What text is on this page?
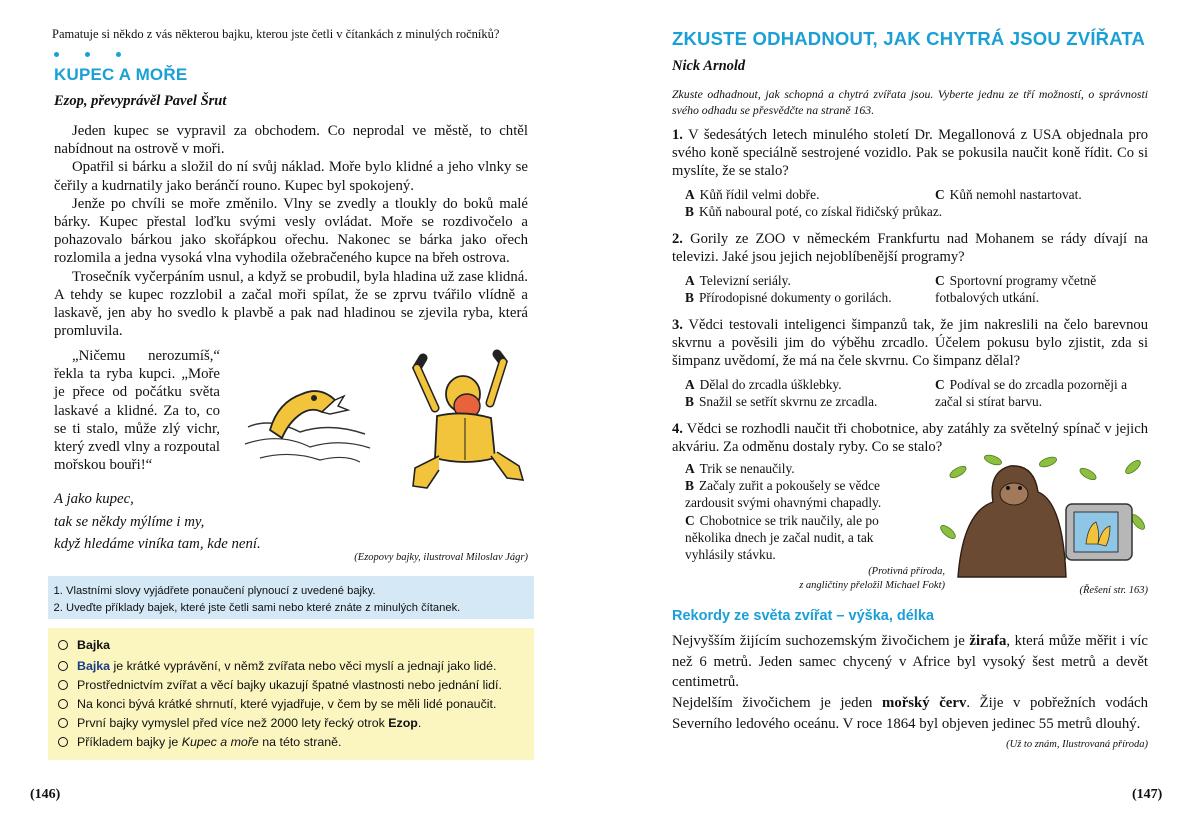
Pamatuje si někdo z vás některou bajku, kterou jste četli v čítankách z minulých ročníků?
KUPEC A MOŘE
Ezop, převyprávěl Pavel Šrut

Jeden kupec se vypravil za obchodem. Co neprodal ve městě, to chtěl nabídnout na ostrově v moři.

Opatřil si bárku a složil do ní svůj náklad. Moře bylo klidné a jeho vlnky se čeřily a kudrnatily jako beránčí rouno. Kupec byl spokojený.

Jenže po chvíli se moře změnilo. Vlny se zvedly a tloukly do boků malé bárky. Kupec přestal loďku svými vesly ovládat. Moře se rozdivočelo a pohazovalo bárkou jako skořápkou ořechu. Nakonec se bárka jako ořech rozlomila a jedna vysoká vlna vyhodila ožebračeného kupce na břeh ostrova.

Trosečník vyčerpáním usnul, a když se probudil, byla hladina už zase klidná. A tehdy se kupec rozzlobil a začal moři spílat, že se zprvu tvářilo vlídně a laskavě, jen aby ho svedlo k plavbě a pak nad hladinou se zjevila ryba, která promluvila.

„Ničemu nerozumíš,“ řekla ta ryba kupci. „Moře je přece od počátku světa laskavé a klidné. Za to, co se ti stalo, může zlý vichr, který zvedl vlny a rozpoutal mořskou bouři!“

A jako kupec,
tak se někdy mýlíme i my,
když hledáme viníka tam, kde není.
(Ezopovy bajky, ilustroval Miloslav Jágr)
1. Vlastními slovy vyjádřete ponaučení plynoucí z uvedené bajky.
2. Uveďte příklady bajek, které jste četli sami nebo které znáte z minulých čítanek.
Bajka
Bajka je krátké vyprávění, v němž zvířata nebo věci myslí a jednají jako lidé.
Prostřednictvím zvířat a věcí bajky ukazují špatné vlastnosti nebo jednání lidí.
Na konci bývá krátké shrnutí, které vyjadřuje, v čem by se měli lidé ponaučit.
První bajky vymyslel před více než 2000 lety řecký otrok Ezop.
Příkladem bajky je Kupec a moře na této straně.
(146)
ZKUSTE ODHADNOUT, JAK CHYTRÁ JSOU ZVÍŘATA
Nick Arnold
Zkuste odhadnout, jak schopná a chytrá zvířata jsou. Vyberte jednu ze tří možností, o správnosti svého odhadu se přesvědčte na straně 163.
1. V šedesátých letech minulého století Dr. Megallonová z USA objednala pro svého koně speciálně sestrojené vozidlo. Pak se pokusila naučit koně řídit. Co si myslíte, že se stalo?
A Kůň řídil velmi dobře.	C Kůň nemohl nastartovat.
B Kůň naboural poté, co získal řidičský průkaz.
2. Gorily ze ZOO v německém Frankfurtu nad Mohanem se rády dívají na televizi. Jaké jsou jejich nejoblíbenější programy?
A Televizní seriály.
B Přírodopisné dokumenty o gorilách.
C Sportovní programy včetně fotbalových utkání.
3. Vědci testovali inteligenci šimpanzů tak, že jim nakreslili na čelo barevnou skvrnu a pověsili jim do výběhu zrcadlo. Účelem pokusu bylo zjistit, zda si šimpanz uvědomí, že má na čele skvrnu. Co šimpanz dělal?
A Dělal do zrcadla úšklebky.
B Snažil se setřít skvrnu ze zrcadla.
C Podíval se do zrcadla pozorněji a začal si stírat barvu.
4. Vědci se rozhodli naučit tři chobotnice, aby zatáhly za světelný spínač v jejich akváriu. Za odměnu dostaly ryby. Co se stalo?
A Trik se nenaučily.
B Začaly zuřit a pokoušely se vědce zardousit svými ohavnými chapadly.
C Chobotnice se trik naučily, ale po několika dnech je začal nudit, a tak vyhlásily stávku.
(Protivná příroda,
z angličtiny přeložil Michael Fokt)	(Řešení str. 163)
Rekordy ze světa zvířat – výška, délka
Nejvyšším žijícím suchozemským živočichem je žirafa, která může měřit i víc než 6 metrů. Jeden samec chycený v Africe byl vysoký šest metrů a devět centimetrů.
Nejdelším živočichem je jeden mořský červ. Žije v pobřežních vodách Severního ledového oceánu. V roce 1864 byl objeven jedinec 55 metrů dlouhý.
(Už to znám, Ilustrovaná příroda)
(147)
